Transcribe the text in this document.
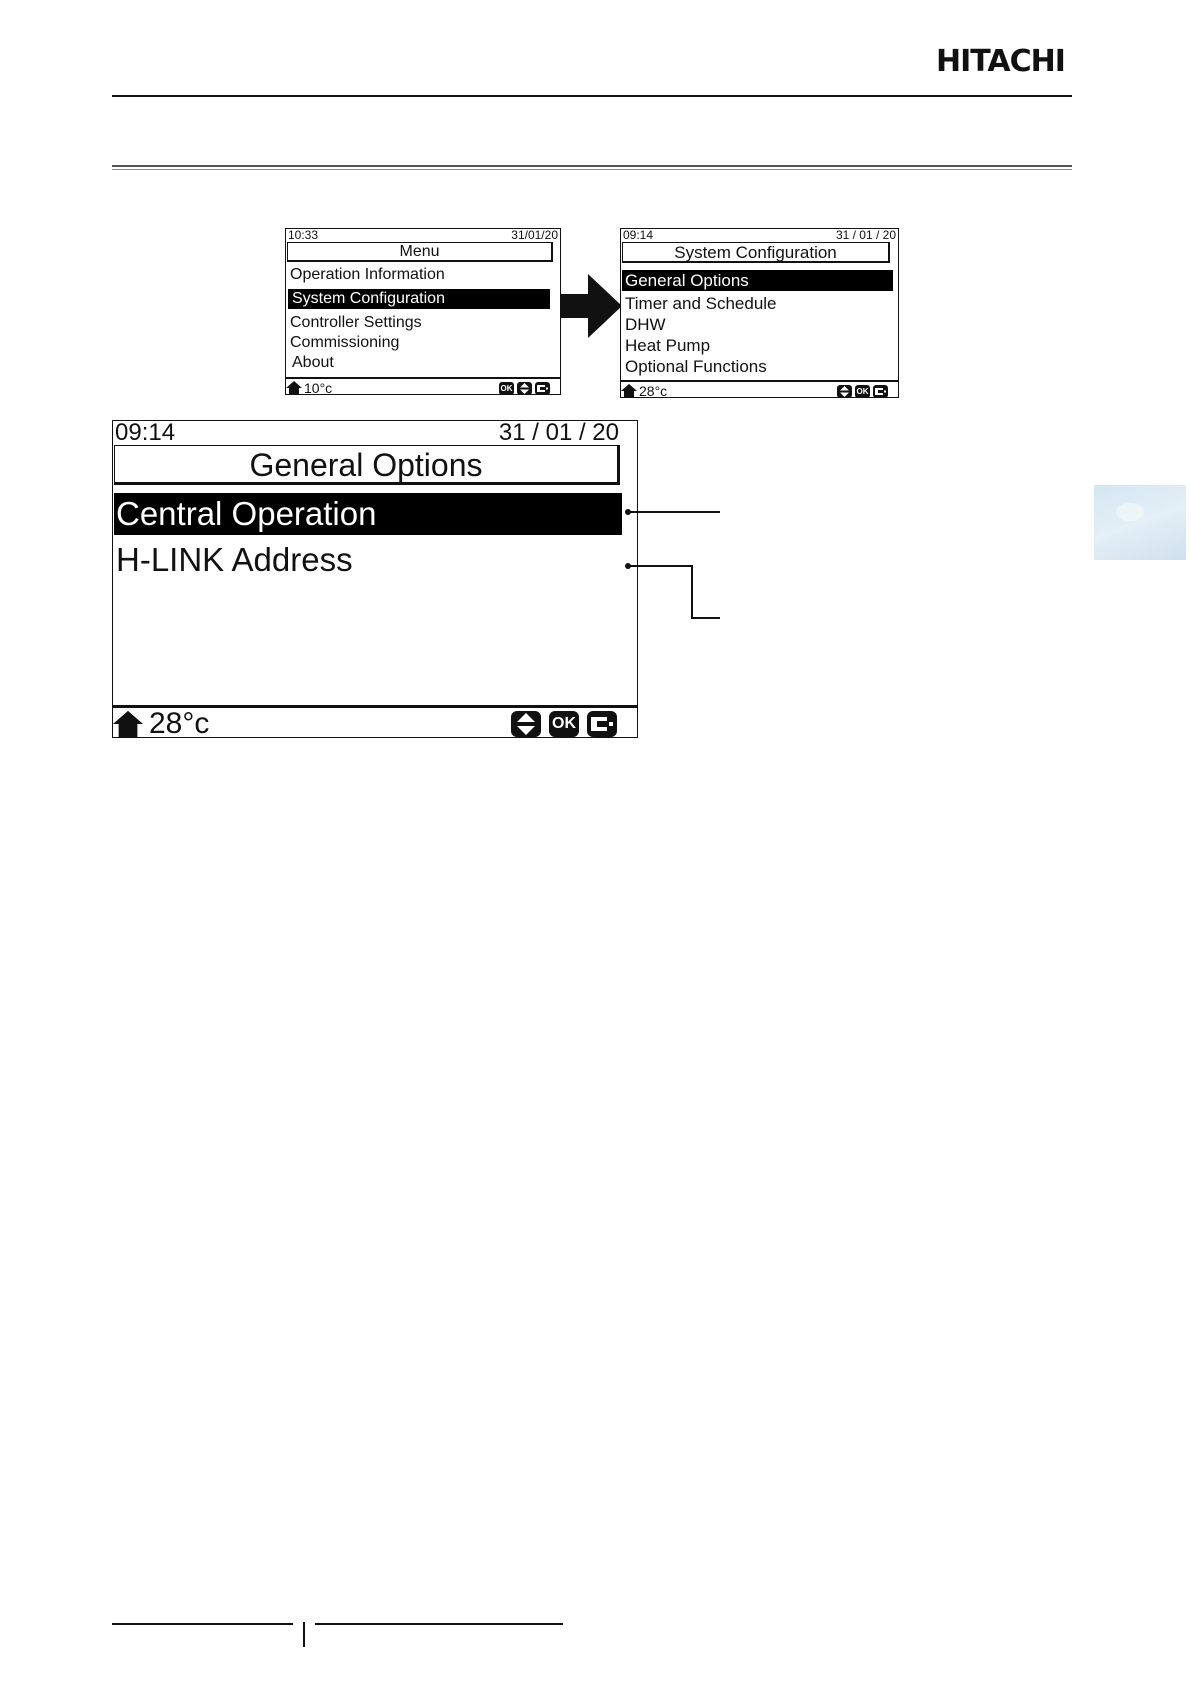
HITACHI
10:33	31/01/20
Menu
Operation Information
System Configuration
Controller Settings
Commissioning
About
10°c	OK
09:14	31 / 01 / 20
System Configuration
General Options
Timer and Schedule
DHW
Heat Pump
Optional Functions
28°c	OK
09:14	31 / 01 / 20
General Options
Central Operation
H-LINK Address
28°c	OK
